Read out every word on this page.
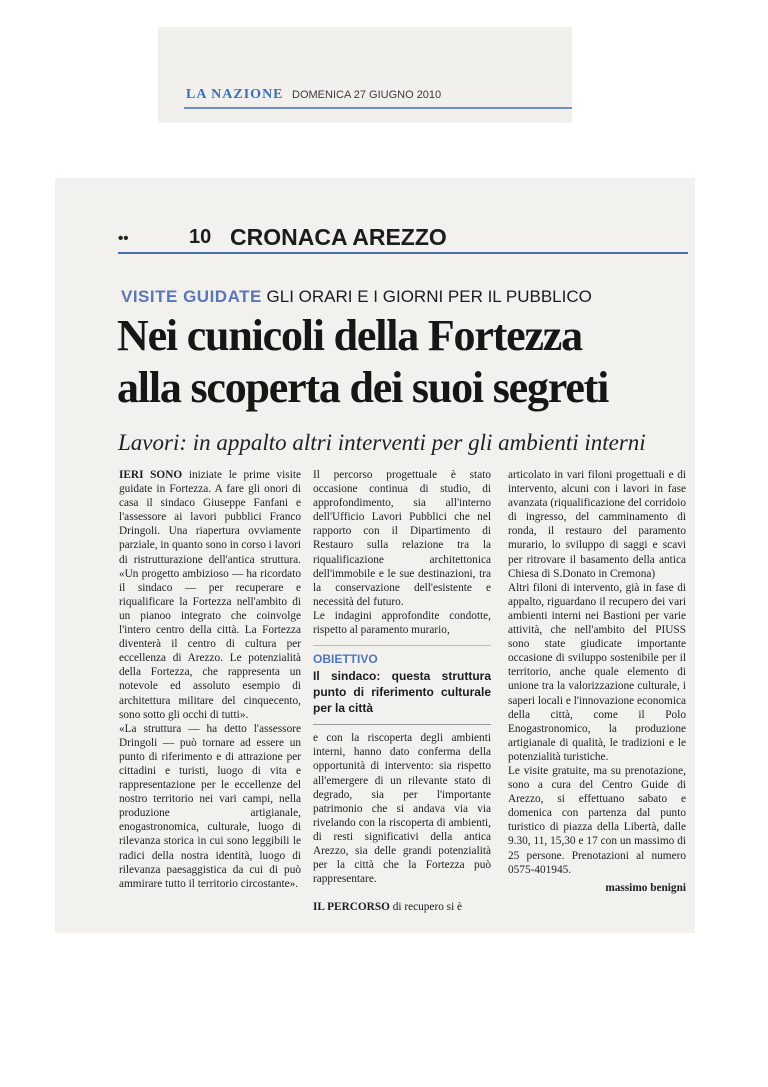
LA NAZIONE DOMENICA 27 GIUGNO 2010
••	10 CRONACA AREZZO
VISITE GUIDATE GLI ORARI E I GIORNI PER IL PUBBLICO
Nei cunicoli della Fortezza
alla scoperta dei suoi segreti
Lavori: in appalto altri interventi per gli ambienti interni

IERI SONO iniziate le prime visite guidate in Fortezza. A fare gli onori di casa il sindaco Giuseppe Fanfani e l'assessore ai lavori pubblici Franco Dringoli. Una riapertura ovviamente parziale, in quanto sono in corso i lavori di ristrutturazione dell'antica struttura. «Un progetto ambizioso — ha ricordato il sindaco — per recuperare e riqualificare la Fortezza nell'ambito di un pianoo integrato che coinvolge l'intero centro della città. La Fortezza diventerà il centro di cultura per eccellenza di Arezzo. Le potenzialità della Fortezza, che rappresenta un notevole ed assoluto esempio di architettura militare del cinquecento, sono sotto gli occhi di tutti».

«La struttura — ha detto l'assessore Dringoli — può tornare ad essere un punto di riferimento e di attrazione per cittadini e turisti, luogo di vita e rappresentazione per le eccellenze del nostro territorio nei vari campi, nella produzione artigianale, enogastronomica, culturale, luogo di rilevanza storica in cui sono leggibili le radici della nostra identità, luogo di rilevanza paesaggistica da cui di può ammirare tutto il territorio circostante».

Il percorso progettuale è stato occasione continua di studio, di approfondimento, sia all'interno dell'Ufficio Lavori Pubblici che nel rapporto con il Dipartimento di Restauro sulla relazione tra la riqualificazione architettonica dell'immobile e le sue destinazioni, tra la conservazione dell'esistente e necessità del futuro.

Le indagini approfondite condotte, rispetto al paramento murario,

OBIETTIVO
Il sindaco: questa struttura punto di riferimento culturale per la città

e con la riscoperta degli ambienti interni, hanno dato conferma della opportunità di intervento: sia rispetto all'emergere di un rilevante stato di degrado, sia per l'importante patrimonio che si andava via via rivelando con la riscoperta di ambienti, di resti significativi della antica Arezzo, sia delle grandi potenzialità per la città che la Fortezza può rappresentare.

IL PERCORSO di recupero si è

articolato in vari filoni progettuali e di intervento, alcuni con i lavori in fase avanzata (riqualificazione del corridoio di ingresso, del camminamento di ronda, il restauro del paramento murario, lo sviluppo di saggi e scavi per ritrovare il basamento della antica Chiesa di S.Donato in Cremona)

Altri filoni di intervento, già in fase di appalto, riguardano il recupero dei vari ambienti interni nei Bastioni per varie attività, che nell'ambito del PIUSS sono state giudicate importante occasione di sviluppo sostenibile per il territorio, anche quale elemento di unione tra la valorizzazione culturale, i saperi locali e l'innovazione economica della città, come il Polo Enogastronomico, la produzione artigianale di qualità, le tradizioni e le potenzialità turistiche.

Le visite gratuite, ma su prenotazione, sono a cura del Centro Guide di Arezzo, si effettuano sabato e domenica con partenza dal punto turistico di piazza della Libertà, dalle 9.30, 11, 15,30 e 17 con un massimo di 25 persone. Prenotazioni al numero 0575-401945.

massimo benigni
